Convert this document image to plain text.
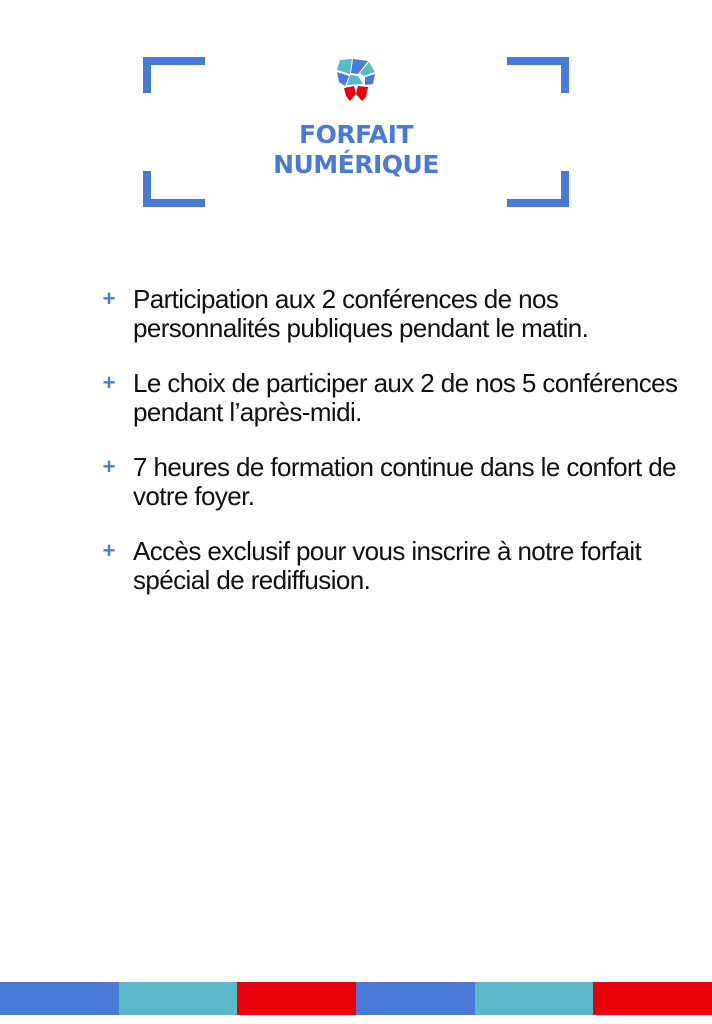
FORFAIT
NUMÉRIQUE
+ Participation aux 2 conférences de nos personnalités publiques pendant le matin.
+ Le choix de participer aux 2 de nos 5 conférences pendant l’après-midi.
+ 7 heures de formation continue dans le confort de votre foyer.
+ Accès exclusif pour vous inscrire à notre forfait spécial de rediffusion.
